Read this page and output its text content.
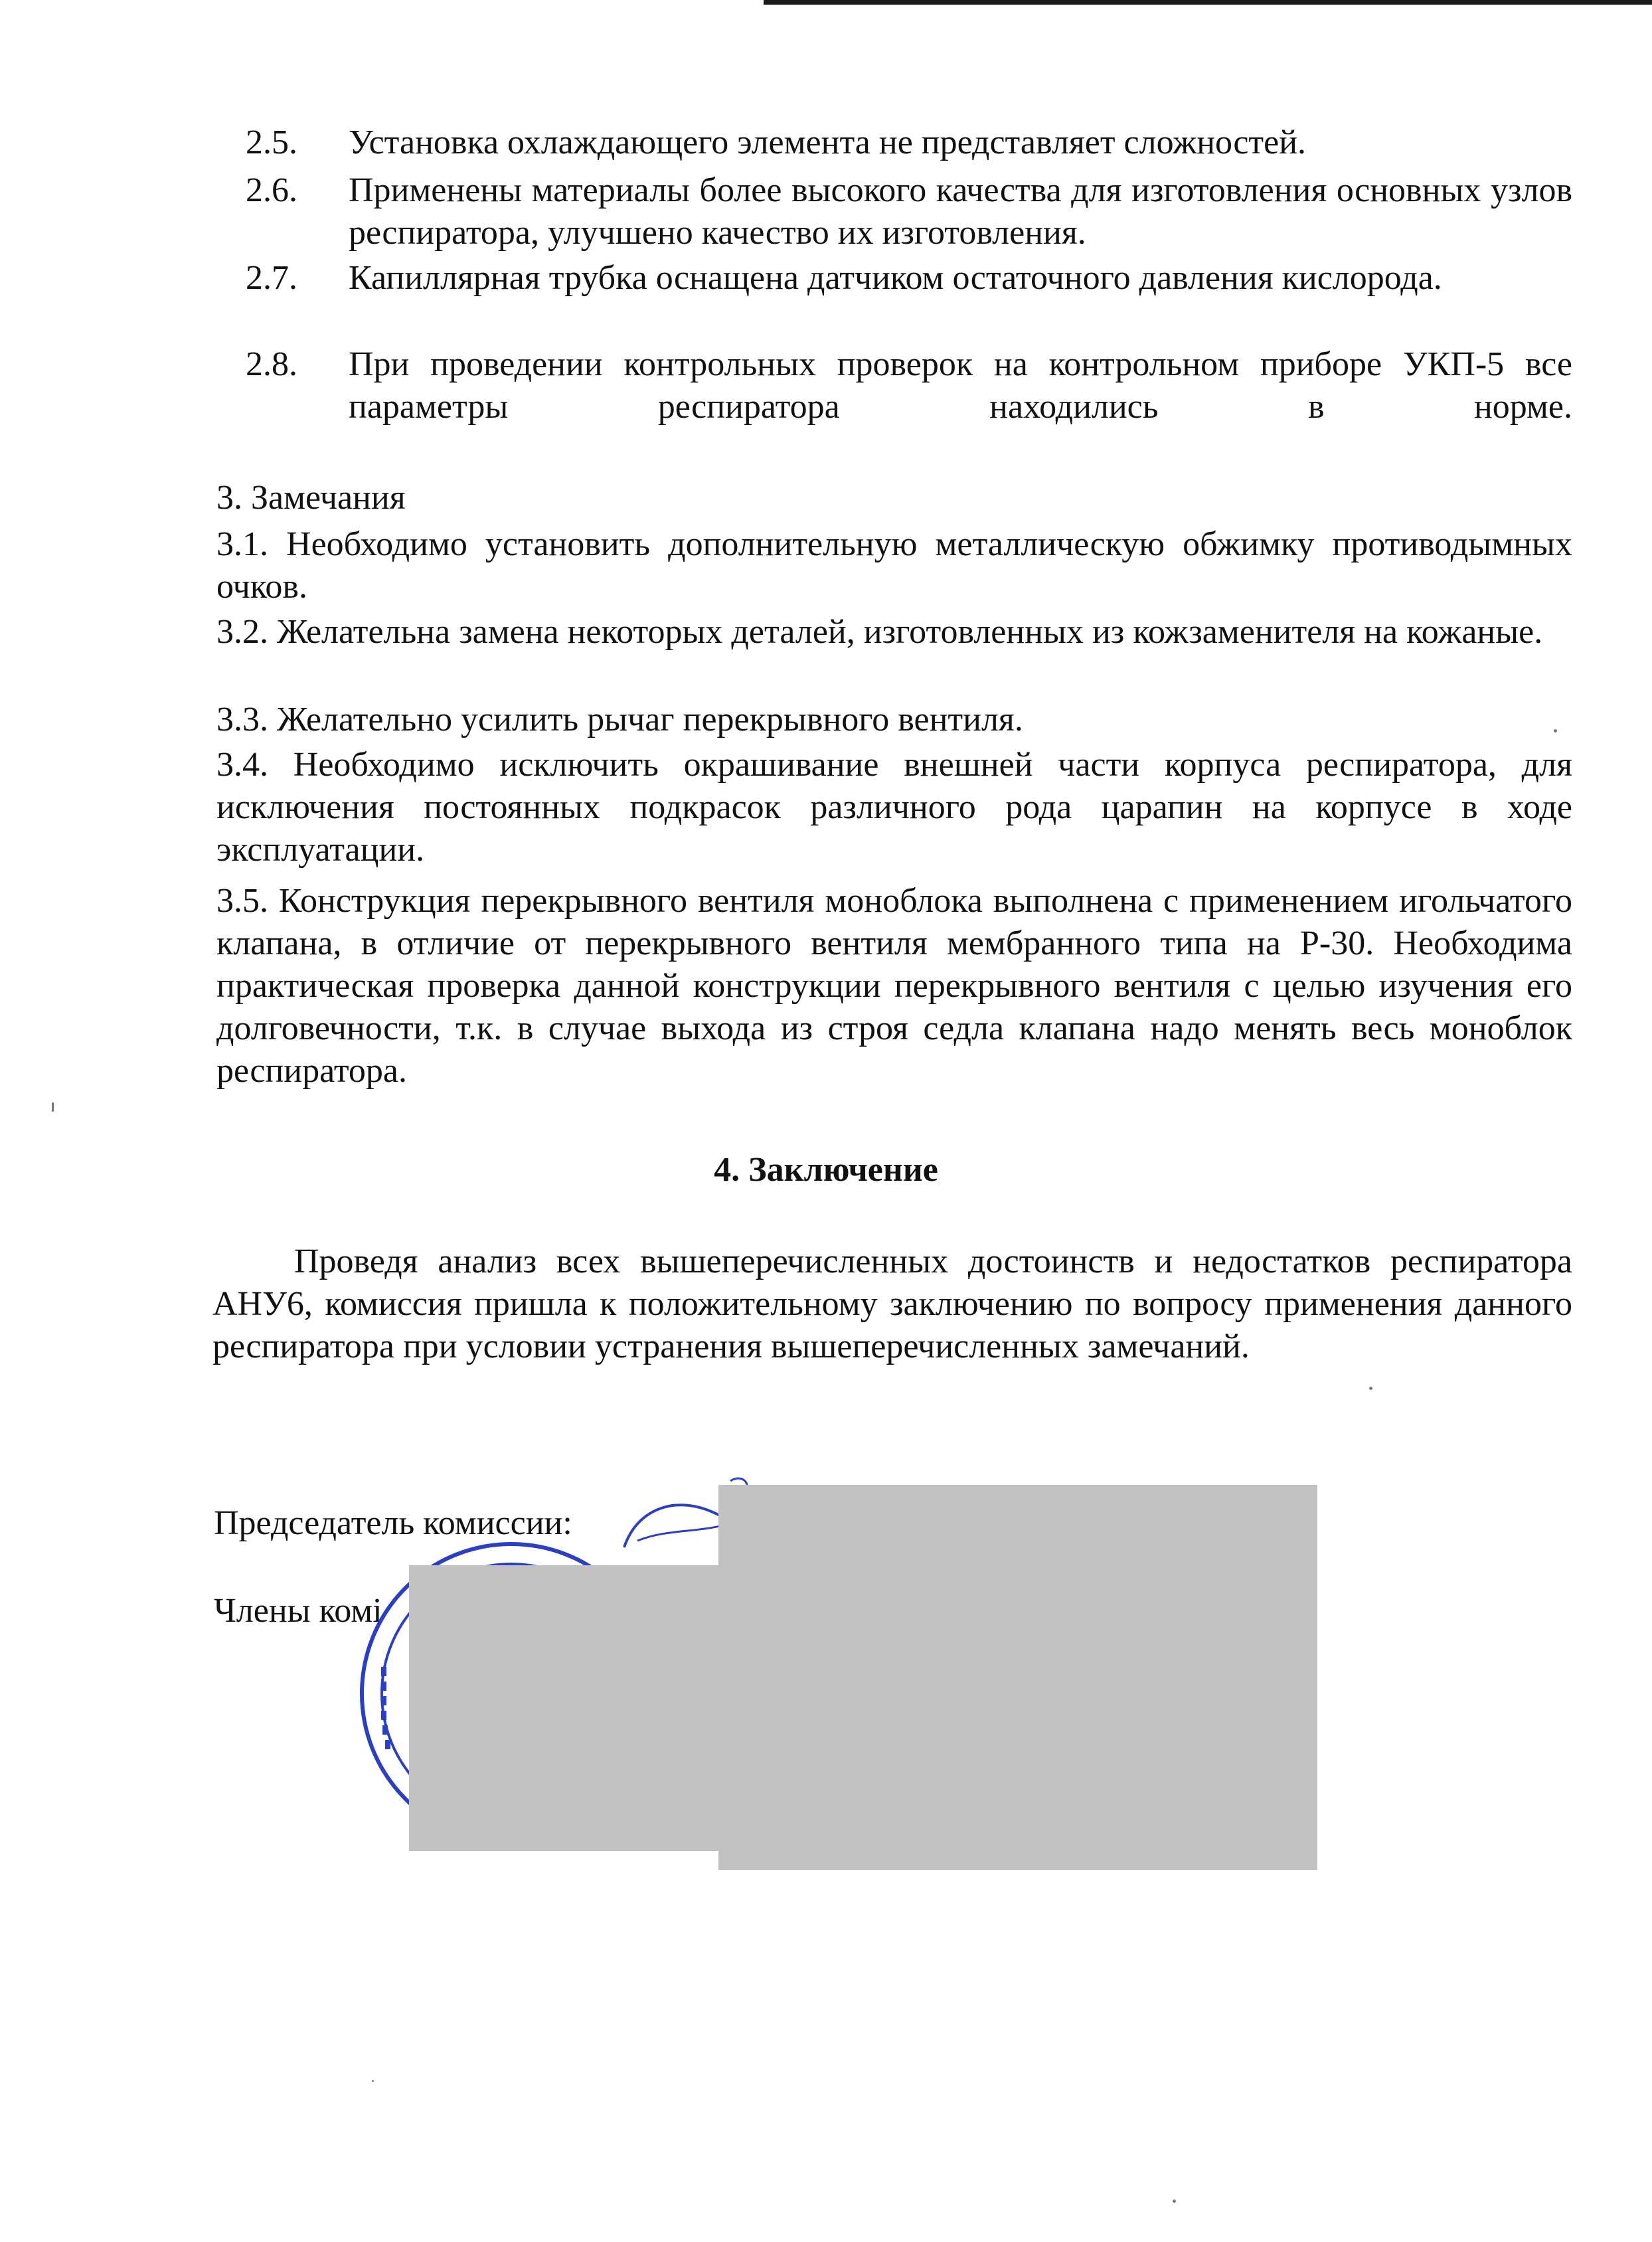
2.5. Установка охлаждающего элемента не представляет сложностей.
2.6. Применены материалы более высокого качества для изготовления основных узлов респиратора, улучшено качество их изготовления.
2.7. Капиллярная трубка оснащена датчиком остаточного давления кислорода.
2.8. При проведении контрольных проверок на контрольном приборе УКП-5 все параметры респиратора находились в норме.
3. Замечания
3.1. Необходимо установить дополнительную металлическую обжимку противодымных очков.
3.2. Желательна замена некоторых деталей, изготовленных из кожзаменителя на кожаные.
3.3. Желательно усилить рычаг перекрывного вентиля.
3.4. Необходимо исключить окрашивание внешней части корпуса респиратора, для исключения постоянных подкрасок различного рода царапин на корпусе в ходе эксплуатации.
3.5. Конструкция перекрывного вентиля моноблока выполнена с применением игольчатого клапана, в отличие от перекрывного вентиля мембранного типа на Р-30. Необходима практическая проверка данной конструкции перекрывного вентиля с целью изучения его долговечности, т.к. в случае выхода из строя седла клапана надо менять весь моноблок респиратора.
4. Заключение
Проведя анализ всех вышеперечисленных достоинств и недостатков респиратора АНУ6, комиссия пришла к положительному заключению по вопросу применения данного респиратора при условии устранения вышеперечисленных замечаний.
Председатель комиссии:
Члены комі
